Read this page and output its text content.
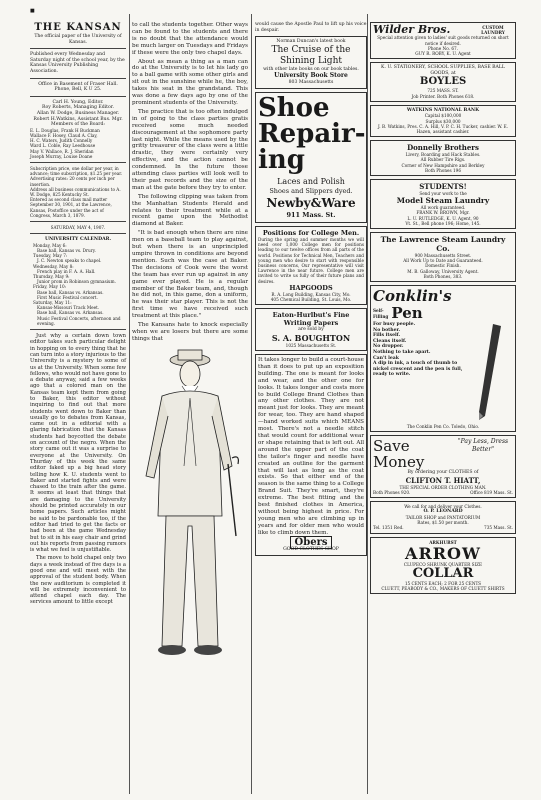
■
THE KANSAN
The official paper of the University of Kansas.
Published every Wednesday and Saturday night of the school year, by the Kansas University Publishing Association.
Office in Basement of Fraser Hall. Phone, Bell, K U 25.
Carl H. Young, Editor.
Roy Roberts, Managing Editor.
Allan W. Dodge, Business Manager.
Robert H.Watkins, Assistant Bus. Mgr.
Members of the Board:
E. L. Douglas, Frank H Buckman
Wallace F. Hosey, Claud A. Clay,
H. C. Waters, Judith Connelly
Ward L. Coble, Ray Leedhouse
May V. Wallace, R. J. Sheridan
Joseph Murray, Louise Doane
Subscription price, one dollar per year, in advance; time subscription, $1.25 per year.
Advertising rates: 20 cents per inch per insertion.
Address all business communications to A. W. Dodge, 825 Kentucky St.
Entered as second class mail matter September 30, 1901, at the Lawrence, Kansas, Postoffice under the act of Congress, March 3, 1879.
SATURDAY, MAY 4, 1907.
UNIVERSITY CALENDAR.
Monday, May 6:
Base ball, Kansas vs. Drury.
Tuesday, May 7:
J. C. Newton speaks to chapel.
Wednesday, May 8:
French play in F. A. A. Hall.
Thursday, May 9:
Junior prom in Robinson gymnasium.
Friday, May 10:
Base ball, Kansas vs. Arkansas.
First Music Festival concert.
Saturday, May 11:
Kansas-Missouri Track Meet.
Base ball, Kansas vs. Arkansas.
Music Festival Concerts, afternoon and evening.

Just why a certain down town editor takes such particular delight in hopping on to every thing that he can turn into a story injurious to the University is a mystery to some of us at the University. When some few fellows, who would not have gone to a debate anyway, said a few weeks ago that a colored man on the Kansas team kept them from going to Baker, this editor without inquiring to find out that more students went down to Baker than usually go to debates from Kansas, came out in a editorial with a glaring fabrication that the Kansas students had boycotted the debate on account of the negro. When the story came out it was a surprise to everyone at the University. On Thurday of this week the same editor faked up a big head story telling how K. U. students went to Baker and started fights and were chased to the train after the game. It seems at least that things that are damaging to the University should be printed accurately in our home papers. Such articles might be said to be pardonable too, if the editor had tried to get the facts or had been at the game Wednesday but to sit in his easy chair and grind out his reports from passing rumors is what we feel is unjustifiable.

The move to hold chapel only two days a week instead of five days is a good one and will meet with the approval of the student body. When the new auditorium is completed it will be extremely inconvenient to attend chapel each day. The services amount to little except

to call the students together. Other ways can be found to the students and there is no doubt that the attendance would be much larger on Tuesdays and Fridays if these were the only two chapel days.

About as mean a thing as a man can do at the University is to let his lady go to a ball game with some other girls and sit out in the sunshine while he, the boy, takes his seat in the grandstand. This was done a few days ago by one of the prominent students of the University.

The practice that is too often indulged in of going to the class parties gratis received some much needed discouragement at the sophomore party last night. While the means used by the gritty treasurer of the class were a little drastic, they were certainly very effective, and the action cannot be condemned. In the future those attending class parties will look well to their past records and the size of the man at the gate before they try to enter.

The following clipping was taken from the Manhattan Students Herald and relates to their treatment while at a recent game upon the Methodist diamond at Baker.

"It is bad enough when there are nine men on a baseball team to play against, but when there is an unprincipled umpire thrown in conditions are beyond mention. Such was the case at Baker. The decisions of Cook were the worst the team has ever run up against in any game ever played. He is a regular member of the Baker team, and, though he did not, in this game, don a uniform, he was their star player. This is not the first time we have received such treatment at this place."

The Kansans hate to knock especially when we are losers but there are some things that

would cause the Apostle Paul to lift up his voice in despair.
Norman Duncan's latest book
The Cruise of the Shining Light
with other late books on our book tables.
University Book Store
803 Massachusetts
Shoe
Repair-
ing
Laces and Polish
Shoes and Slippers dyed.
Newby&Ware
911 Mass. St.
Positions for College Men.
During the spring and summer months we will need over 1,000 College men for positions leading to our twelve offices from all parts of the world. Positions for Technical Men, Teachers and young men who desire to start with responsible business concerns, Our representative will visit Lawrence in the near future. College men are invited to write us fully of their future plans and desires.
HAPGOODS
R. A. Long Building, Kansas City, Mo.
405 Chemical Building, St. Louis, Mo.
Eaton-Hurlbut's Fine Writing Papers
are sold by
S. A. BOUGHTON
1025 Massachusetts St.
It takes longer to build a court-house than it does to put up an exposition building. The one is meant for looks and wear, and the other one for looks. It takes longer and costs more to build College Brand Clothes than any other clothes. They are not meant just for looks. They are meant for wear, too. They are hand shaped—hand worked suits which MEANS most. There's not a needle stitch that would count for additional wear or shape retaining that is left out. All around the upper part of the coat the tailor's finger and needle have created an outline for the garment that will last as long as the coat exists. So that either end of the season is the same thing to a College Brand Suit. They're smart, they're extreme. The best fitting and the best finished clothes in America, without being highest in price. For young men who are climbing up in years and for older men who would like to climb down them.
Obers
GOOD CLOTHES SHOP
Wilder Bros.	CUSTOM LAUNDRY
Special attention given to ladies' suit goods returned on short notice if desired.
Phone No. 67.
GUY R. ROBY, K. U. Agent
K. U. STATIONERY, SCHOOL SUPPLIES, BASE BALL GOODS, at
BOYLES
725 MASS. ST.
Job Printer. Both Phones 618.
WATKINS NATIONAL BANK
Capital $100,000
Surplus $30,000
J. B. Watkins, Pres. C. A. Hill, V. P. C. H. Tucker, cashier. W. E. Hazen, assistant cashier.
Donnelly Brothers
Livery, Boarding and Hack Stables.
All Rubber Tire Rigs.
Corner of New Hampshire and Berkley
Both Phones 196
STUDENTS!
Send your work to the
Model Steam Laundry
All work guaranteed.
FRANK W. BROWN, Mgr.
L. U. RUTLEDGE, K. U. Agent, 90
Vt. St., Bell phone 196; Home, 145.
The Lawrence Steam Laundry Co.
900 Massachusetts Street.
All Work Up to Date and Guaranteed.
Domestic Finish.
M. B. Galloway, University Agent.
Both Phones, 383.
Conklin's
Self-
Filling Pen
For busy people.
No bother.
Fills itself.
Cleans itself.
No dropper.
Nothing to take apart.
Can't leak
A dip in ink, a touch of thumb to nickel crescent and the pen is full, ready to write.
The Conklin Pen Co. Toledo, Ohio.
Save
Money
"Pay Less, Dress Better"
By ordering your CLOTHES of
CLIFTON T. HIATT,
THE SPECIAL ORDER CLOTHING MAN.
Both Phones 920.	Office 819 Mass. St.
We call for and deliver your Clothes.
O. P. LEONARD
TAILOR SHOP and PANTATORIUM
Rates, $1.50 per month.
Tel. 1351 Red.	735 Mass. St.
ARKHURST
ARROW
CLUPECO SHRUNK QUARTER SIZE
COLLAR
15 CENTS EACH; 2 FOR 25 CENTS
CLUETT, PEABODY & CO., MAKERS OF CLUETT SHIRTS
